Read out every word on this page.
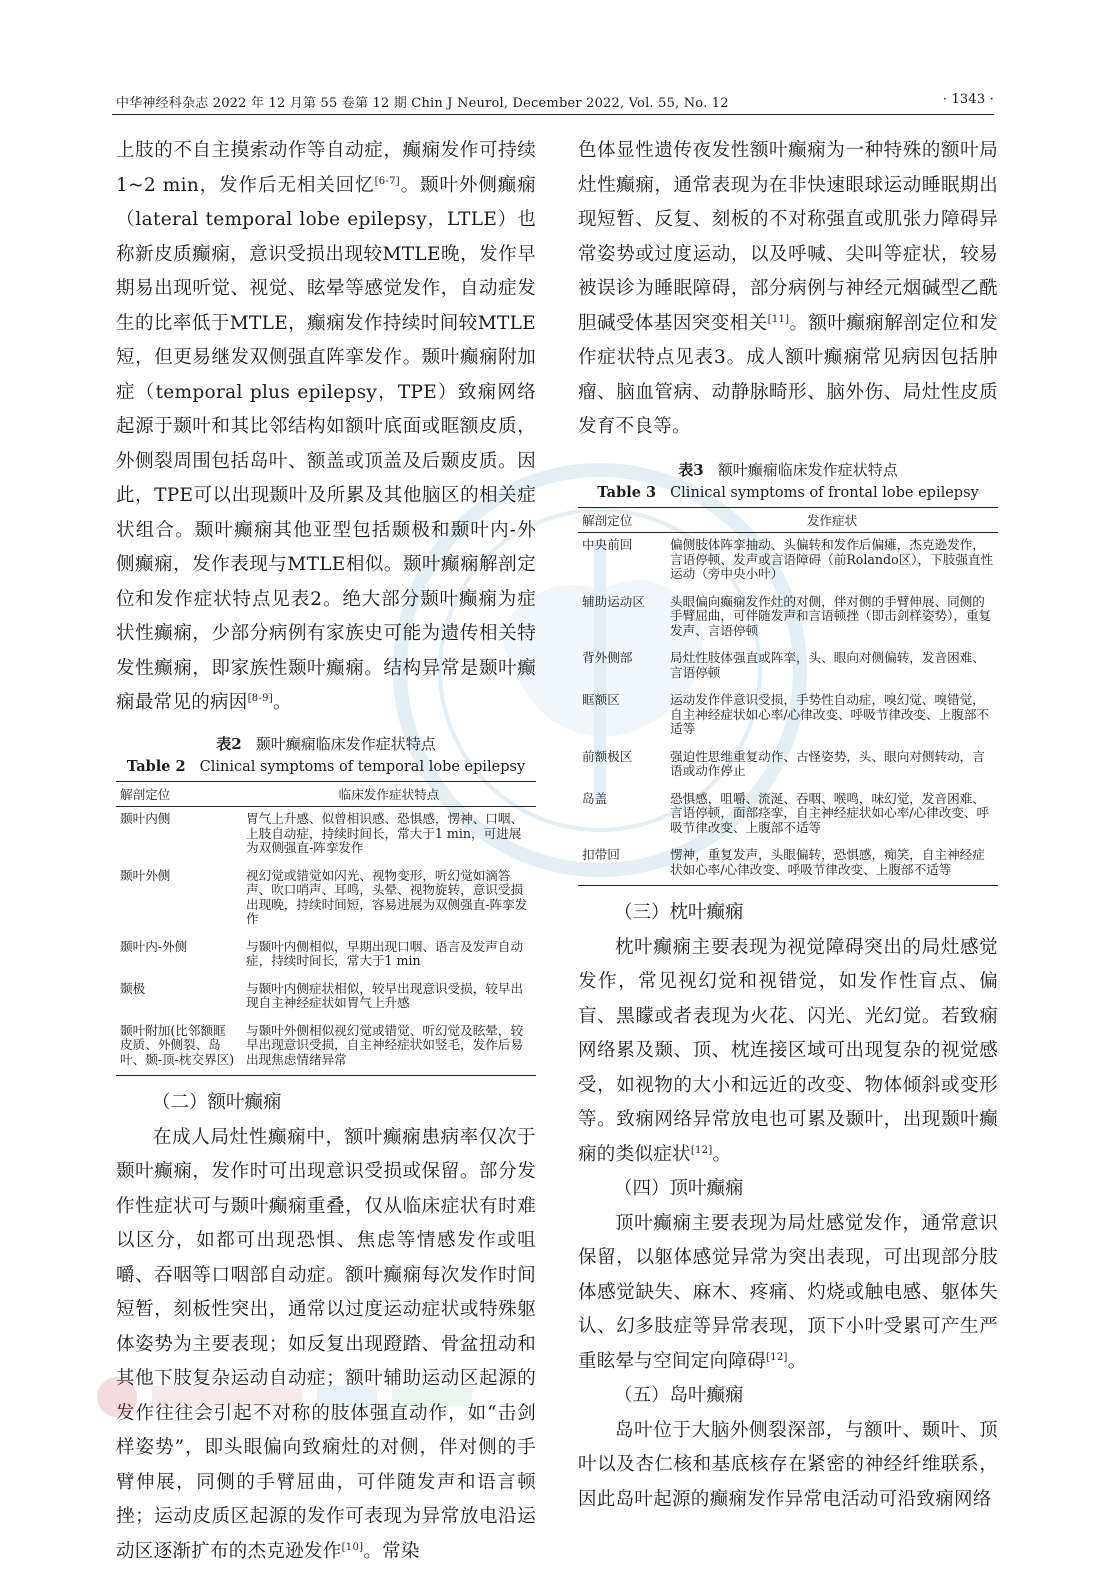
中华神经科杂志 2022 年 12 月第 55 卷第 12 期 Chin J Neurol, December 2022, Vol. 55, No. 12	· 1343 ·

上肢的不自主摸索动作等自动症，癫痫发作可持续1~2 min，发作后无相关回忆[6-7]。颞叶外侧癫痫（lateral temporal lobe epilepsy，LTLE）也称新皮质癫痫，意识受损出现较MTLE晚，发作早期易出现听觉、视觉、眩晕等感觉发作，自动症发生的比率低于MTLE，癫痫发作持续时间较MTLE短，但更易继发双侧强直阵挛发作。颞叶癫痫附加症（temporal plus epilepsy，TPE）致痫网络起源于颞叶和其比邻结构如额叶底面或眶额皮质，外侧裂周围包括岛叶、额盖或顶盖及后颞皮质。因此，TPE可以出现颞叶及所累及其他脑区的相关症状组合。颞叶癫痫其他亚型包括颞极和颞叶内-外侧癫痫，发作表现与MTLE相似。颞叶癫痫解剖定位和发作症状特点见表2。绝大部分颞叶癫痫为症状性癫痫，少部分病例有家族史可能为遗传相关特发性癫痫，即家族性颞叶癫痫。结构异常是颞叶癫痫最常见的病因[8-9]。

表2 颞叶癫痫临床发作症状特点
Table 2 Clinical symptoms of temporal lobe epilepsy
解剖定位	临床发作症状特点
颞叶内侧	胃气上升感、似曾相识感、恐惧感，愣神、口咽、上肢自动症，持续时间长，常大于1 min，可进展为双侧强直-阵挛发作
颞叶外侧	视幻觉或错觉如闪光、视物变形，听幻觉如滴答声、吹口哨声、耳鸣，头晕、视物旋转，意识受损出现晚，持续时间短，容易进展为双侧强直-阵挛发作
颞叶内-外侧	与颞叶内侧相似，早期出现口咽、语言及发声自动症，持续时间长，常大于1 min
颞极	与颞叶内侧症状相似，较早出现意识受损，较早出现自主神经症状如胃气上升感
颞叶附加(比邻额眶皮质、外侧裂、岛叶、颞-顶-枕交界区)	与颞叶外侧相似视幻觉或错觉、听幻觉及眩晕，较早出现意识受损，自主神经症状如竖毛，发作后易出现焦虑情绪异常

（二）额叶癫痫

在成人局灶性癫痫中，额叶癫痫患病率仅次于颞叶癫痫，发作时可出现意识受损或保留。部分发作性症状可与颞叶癫痫重叠，仅从临床症状有时难以区分，如都可出现恐惧、焦虑等情感发作或咀嚼、吞咽等口咽部自动症。额叶癫痫每次发作时间短暂，刻板性突出，通常以过度运动症状或特殊躯体姿势为主要表现；如反复出现蹬踏、骨盆扭动和其他下肢复杂运动自动症；额叶辅助运动区起源的发作往往会引起不对称的肢体强直动作，如“击剑样姿势”，即头眼偏向致痫灶的对侧，伴对侧的手臂伸展，同侧的手臂屈曲，可伴随发声和语言顿挫；运动皮质区起源的发作可表现为异常放电沿运动区逐渐扩布的杰克逊发作[10]。常染

色体显性遗传夜发性额叶癫痫为一种特殊的额叶局灶性癫痫，通常表现为在非快速眼球运动睡眠期出现短暂、反复、刻板的不对称强直或肌张力障碍异常姿势或过度运动，以及呼喊、尖叫等症状，较易被误诊为睡眠障碍，部分病例与神经元烟碱型乙酰胆碱受体基因突变相关[11]。额叶癫痫解剖定位和发作症状特点见表3。成人额叶癫痫常见病因包括肿瘤、脑血管病、动静脉畸形、脑外伤、局灶性皮质发育不良等。

表3 额叶癫痫临床发作症状特点
Table 3 Clinical symptoms of frontal lobe epilepsy
解剖定位	发作症状
中央前回	偏侧肢体阵挛抽动、头偏转和发作后偏瘫，杰克逊发作，言语停顿、发声或言语障碍（前Rolando区），下肢强直性运动（旁中央小叶）
辅助运动区	头眼偏向癫痫发作灶的对侧，伴对侧的手臂伸展、同侧的手臂屈曲，可伴随发声和言语顿挫（即击剑样姿势），重复发声、言语停顿
背外侧部	局灶性肢体强直或阵挛，头、眼向对侧偏转，发音困难、言语停顿
眶额区	运动发作伴意识受损，手势性自动症，嗅幻觉、嗅错觉，自主神经症状如心率/心律改变、呼吸节律改变、上腹部不适等
前额极区	强迫性思维重复动作、古怪姿势，头、眼向对侧转动，言语或动作停止
岛盖	恐惧感，咀嚼、流涎、吞咽、喉鸣，味幻觉，发音困难、言语停顿，面部痉挛，自主神经症状如心率/心律改变、呼吸节律改变、上腹部不适等
扣带回	愣神，重复发声，头眼偏转，恐惧感，痴笑，自主神经症状如心率/心律改变、呼吸节律改变、上腹部不适等

（三）枕叶癫痫

枕叶癫痫主要表现为视觉障碍突出的局灶感觉发作，常见视幻觉和视错觉，如发作性盲点、偏盲、黑矇或者表现为火花、闪光、光幻觉。若致痫网络累及颞、顶、枕连接区域可出现复杂的视觉感受，如视物的大小和远近的改变、物体倾斜或变形等。致痫网络异常放电也可累及颞叶，出现颞叶癫痫的类似症状[12]。

（四）顶叶癫痫

顶叶癫痫主要表现为局灶感觉发作，通常意识保留，以躯体感觉异常为突出表现，可出现部分肢体感觉缺失、麻木、疼痛、灼烧或触电感、躯体失认、幻多肢症等异常表现，顶下小叶受累可产生严重眩晕与空间定向障碍[12]。

（五）岛叶癫痫

岛叶位于大脑外侧裂深部，与额叶、颞叶、顶叶以及杏仁核和基底核存在紧密的神经纤维联系，因此岛叶起源的癫痫发作异常电活动可沿致痫网络
